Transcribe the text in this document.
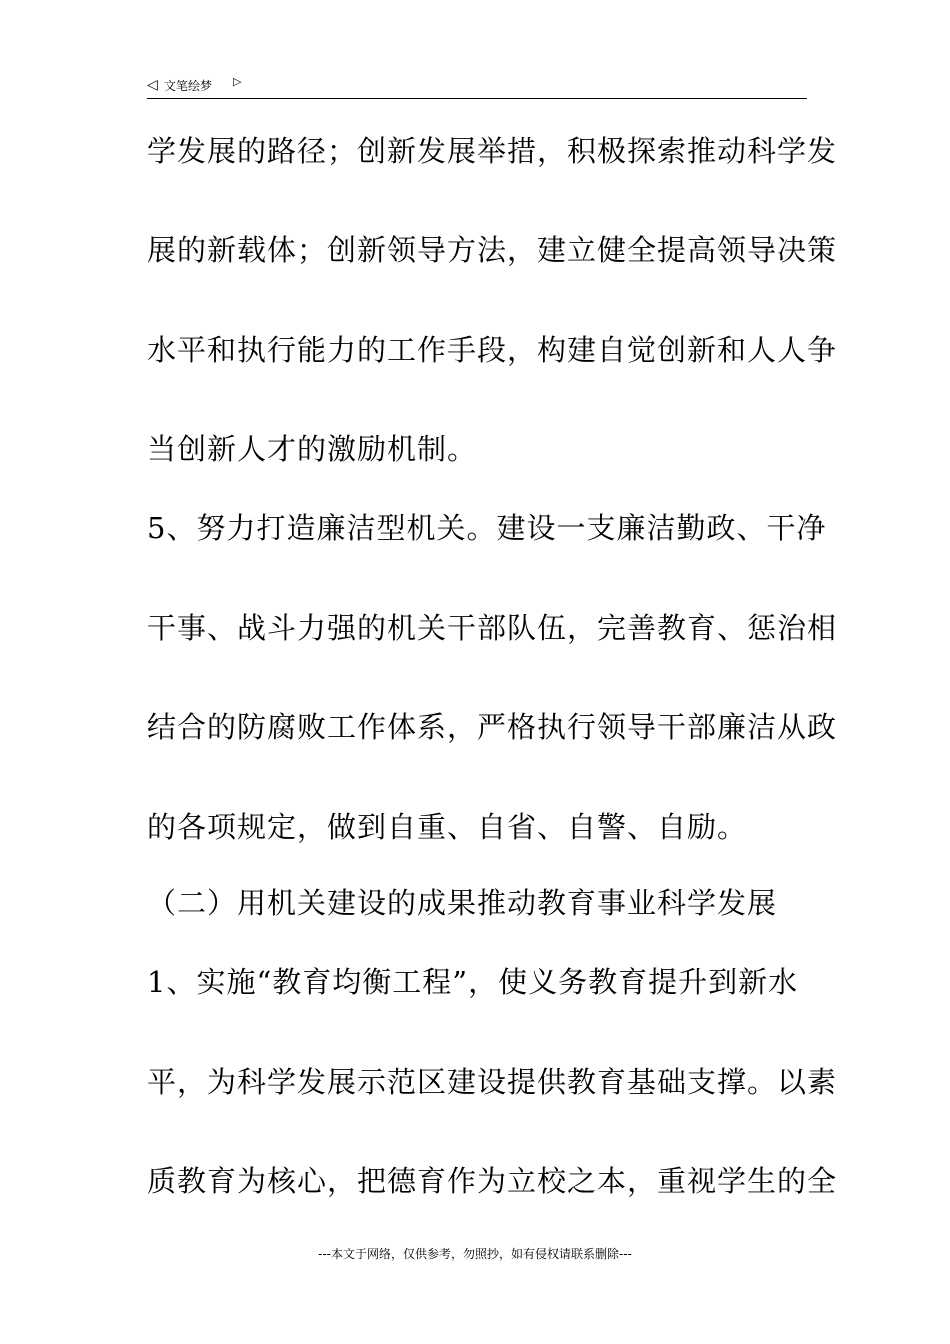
◁ 文笔绘梦 ▷
学发展的路径；创新发展举措，积极探索推动科学发
展的新载体；创新领导方法，建立健全提高领导决策
水平和执行能力的工作手段，构建自觉创新和人人争
当创新人才的激励机制。
5、努力打造廉洁型机关。建设一支廉洁勤政、干净
干事、战斗力强的机关干部队伍，完善教育、惩治相
结合的防腐败工作体系，严格执行领导干部廉洁从政
的各项规定，做到自重、自省、自警、自励。
（二）用机关建设的成果推动教育事业科学发展
1、实施“教育均衡工程”，使义务教育提升到新水
平，为科学发展示范区建设提供教育基础支撑。以素
质教育为核心，把德育作为立校之本，重视学生的全
---本文于网络，仅供参考，勿照抄，如有侵权请联系删除---
